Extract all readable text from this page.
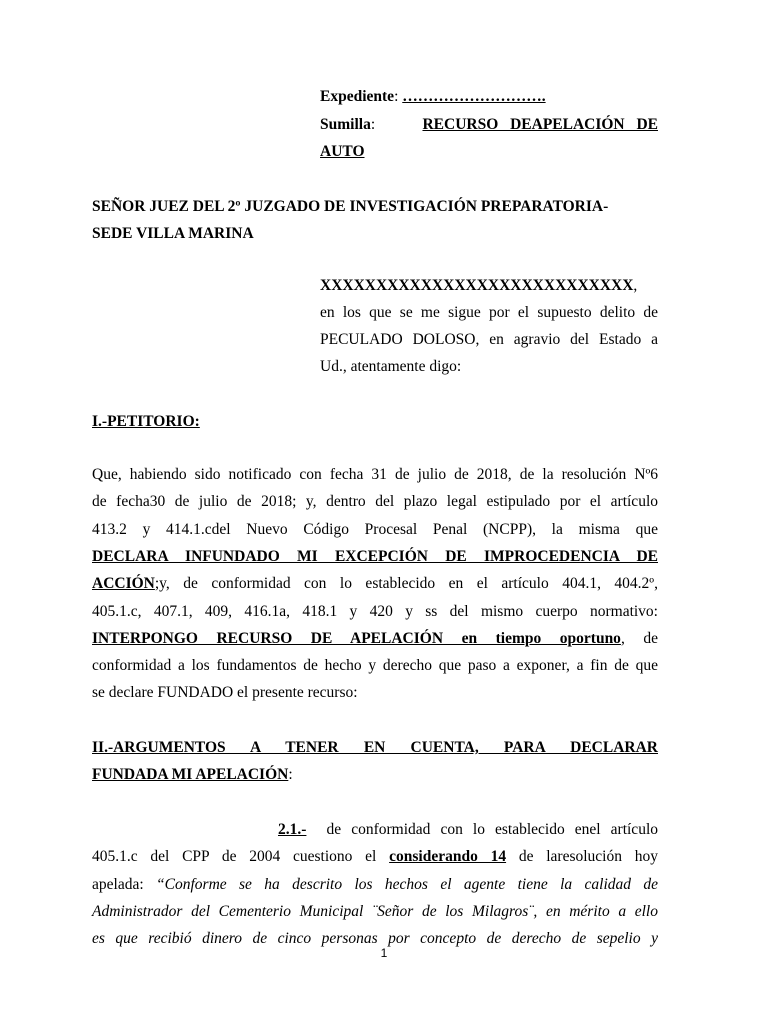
Expediente: ……………………….
Sumilla:    RECURSO DEAPELACIÓN DE
AUTO
SEÑOR JUEZ DEL 2º JUZGADO DE INVESTIGACIÓN PREPARATORIA-
SEDE VILLA MARINA
XXXXXXXXXXXXXXXXXXXXXXXXXXXX,
en los que se me sigue por el supuesto delito de
PECULADO DOLOSO, en agravio del Estado a
Ud., atentamente digo:
I.-PETITORIO:
Que, habiendo sido notificado con fecha 31 de julio de 2018, de la resolución Nº6
de fecha30 de julio de 2018; y, dentro del plazo legal estipulado por el artículo
413.2 y 414.1.cdel Nuevo Código Procesal Penal (NCPP), la misma que
DECLARA INFUNDADO MI EXCEPCIÓN DE IMPROCEDENCIA DE
ACCIÓN;y, de conformidad con lo establecido en el artículo 404.1, 404.2º,
405.1.c, 407.1, 409, 416.1a, 418.1 y 420 y ss del mismo cuerpo normativo:
INTERPONGO RECURSO DE APELACIÓN en tiempo oportuno, de
conformidad a los fundamentos de hecho y derecho que paso a exponer, a fin de que
se declare FUNDADO el presente recurso:
II.-ARGUMENTOS A TENER EN CUENTA, PARA DECLARAR
FUNDADA MI APELACIÓN:
2.1.- de conformidad con lo establecido enel artículo
405.1.c del CPP de 2004 cuestiono el considerando 14 de laresolución hoy
apelada: “Conforme se ha descrito los hechos el agente tiene la calidad de
Administrador del Cementerio Municipal ¨Señor de los Milagros¨, en mérito a ello
es que recibió dinero de cinco personas por concepto de derecho de sepelio y
1
